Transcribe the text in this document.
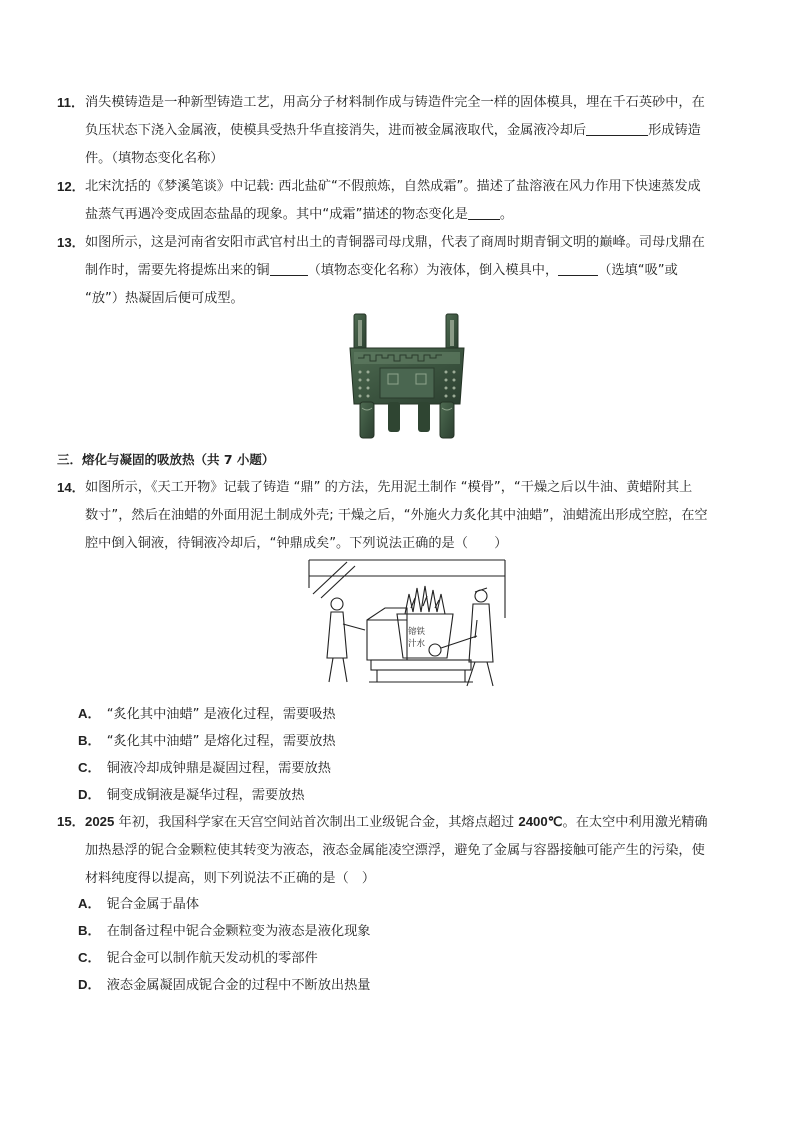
11． 消失模铸造是一种新型铸造工艺，用高分子材料制作成与铸造件完全一样的固体模具，埋在千石英砂中，在
负压状态下浇入金属液，使模具受热升华直接消失，进而被金属液取代，金属液冷却后	形成铸造
件。（填物态变化名称）
12． 北宋沈括的《梦溪笔谈》中记载: 西北盐矿“不假煎炼，自然成霜”。描述了盐溶液在风力作用下快速蒸发成
盐蒸气再遇冷变成固态盐晶的现象。其中“成霜”描述的物态变化是 。
13． 如图所示，这是河南省安阳市武官村出土的青铜器司母戊鼎，代表了商周时期青铜文明的巅峰。司母戊鼎在
制作时，需要先将提炼出来的铜	（填物态变化名称）为液体，倒入模具中，	（选填“吸”或
“放”）热凝固后便可成型。
三．熔化与凝固的吸放热（共 7 小题）
14． 如图所示，《天工开物》记载了铸造 “鼎” 的方法，先用泥土制作 “模骨”，“干燥之后以牛油、黄蜡附其上
数寸”，然后在油蜡的外面用泥土制成外壳; 干燥之后，“外施火力炙化其中油蜡”，油蜡流出形成空腔，在空
腔中倒入铜液，待铜液冷却后，“钟鼎成矣”。下列说法正确的是（　　）
镕铁
汁水
A． “炙化其中油蜡” 是液化过程，需要吸热
B． “炙化其中油蜡” 是熔化过程，需要放热
C． 铜液冷却成钟鼎是凝固过程，需要放热
D． 铜变成铜液是凝华过程，需要放热
15． 2025 年初，我国科学家在天宫空间站首次制出工业级铌合金，其熔点超过 2400℃。在太空中利用激光精确
加热悬浮的铌合金颗粒使其转变为液态，液态金属能凌空漂浮，避免了金属与容器接触可能产生的污染，使
材料纯度得以提高，则下列说法不正确的是（　）
A． 铌合金属于晶体
B． 在制备过程中铌合金颗粒变为液态是液化现象
C． 铌合金可以制作航天发动机的零部件
D． 液态金属凝固成铌合金的过程中不断放出热量
